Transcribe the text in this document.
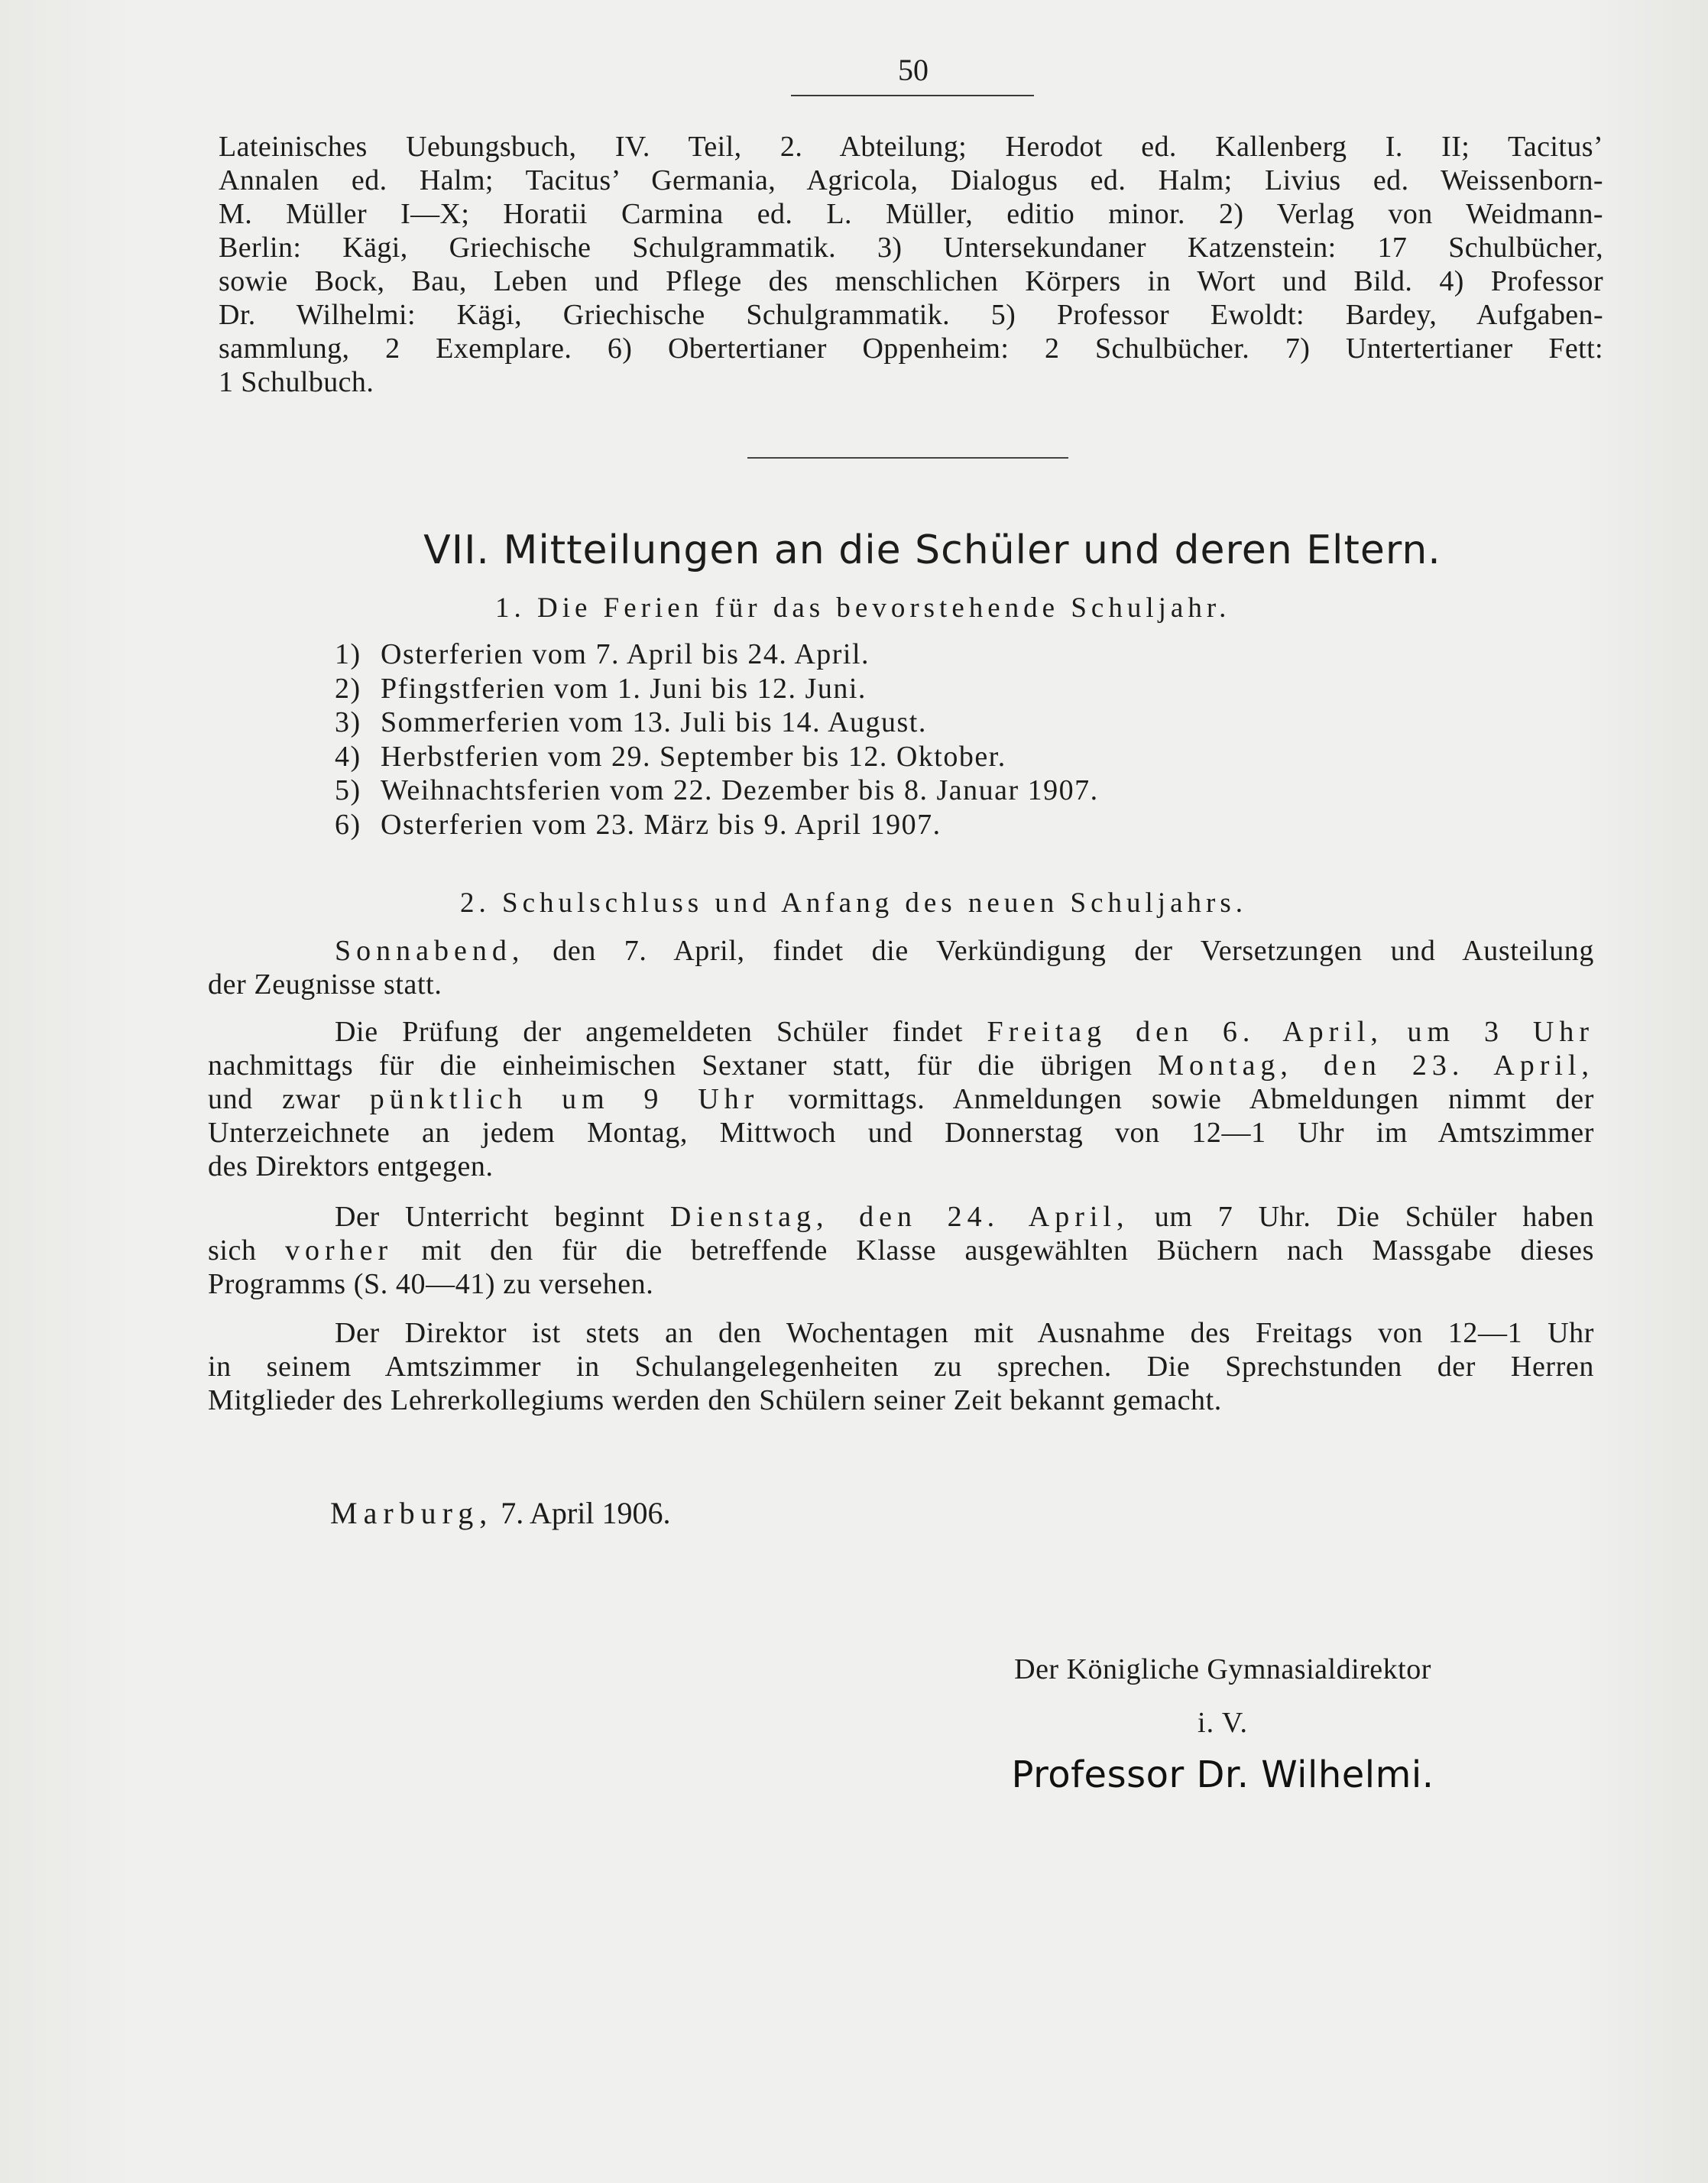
50
Lateinisches Uebungsbuch, IV. Teil, 2. Abteilung; Herodot ed. Kallenberg I. II; Tacitus’
Annalen ed. Halm; Tacitus’ Germania, Agricola, Dialogus ed. Halm; Livius ed. Weissenborn-
M. Müller I—X; Horatii Carmina ed. L. Müller, editio minor. 2) Verlag von Weidmann-
Berlin: Kägi, Griechische Schulgrammatik. 3) Untersekundaner Katzenstein: 17 Schulbücher,
sowie Bock, Bau, Leben und Pflege des menschlichen Körpers in Wort und Bild. 4) Professor
Dr. Wilhelmi: Kägi, Griechische Schulgrammatik. 5) Professor Ewoldt: Bardey, Aufgaben-
sammlung, 2 Exemplare. 6) Obertertianer Oppenheim: 2 Schulbücher. 7) Untertertianer Fett:
1 Schulbuch.
VII. Mitteilungen an die Schüler und deren Eltern.
1. Die Ferien für das bevorstehende Schuljahr.
1) Osterferien vom 7. April bis 24. April.
2) Pfingstferien vom 1. Juni bis 12. Juni.
3) Sommerferien vom 13. Juli bis 14. August.
4) Herbstferien vom 29. September bis 12. Oktober.
5) Weihnachtsferien vom 22. Dezember bis 8. Januar 1907.
6) Osterferien vom 23. März bis 9. April 1907.
2. Schulschluss und Anfang des neuen Schuljahrs.
Sonnabend, den 7. April, findet die Verkündigung der Versetzungen und Austeilung
der Zeugnisse statt.
Die Prüfung der angemeldeten Schüler findet Freitag den 6. April, um 3 Uhr
nachmittags für die einheimischen Sextaner statt, für die übrigen Montag, den 23. April,
und zwar pünktlich um 9 Uhr vormittags. Anmeldungen sowie Abmeldungen nimmt der
Unterzeichnete an jedem Montag, Mittwoch und Donnerstag von 12—1 Uhr im Amtszimmer
des Direktors entgegen.
Der Unterricht beginnt Dienstag, den 24. April, um 7 Uhr. Die Schüler haben
sich vorher mit den für die betreffende Klasse ausgewählten Büchern nach Massgabe dieses
Programms (S. 40—41) zu versehen.
Der Direktor ist stets an den Wochentagen mit Ausnahme des Freitags von 12—1 Uhr
in seinem Amtszimmer in Schulangelegenheiten zu sprechen. Die Sprechstunden der Herren
Mitglieder des Lehrerkollegiums werden den Schülern seiner Zeit bekannt gemacht.
Marburg, 7. April 1906.
Der Königliche Gymnasialdirektor
i. V.
Professor Dr. Wilhelmi.
